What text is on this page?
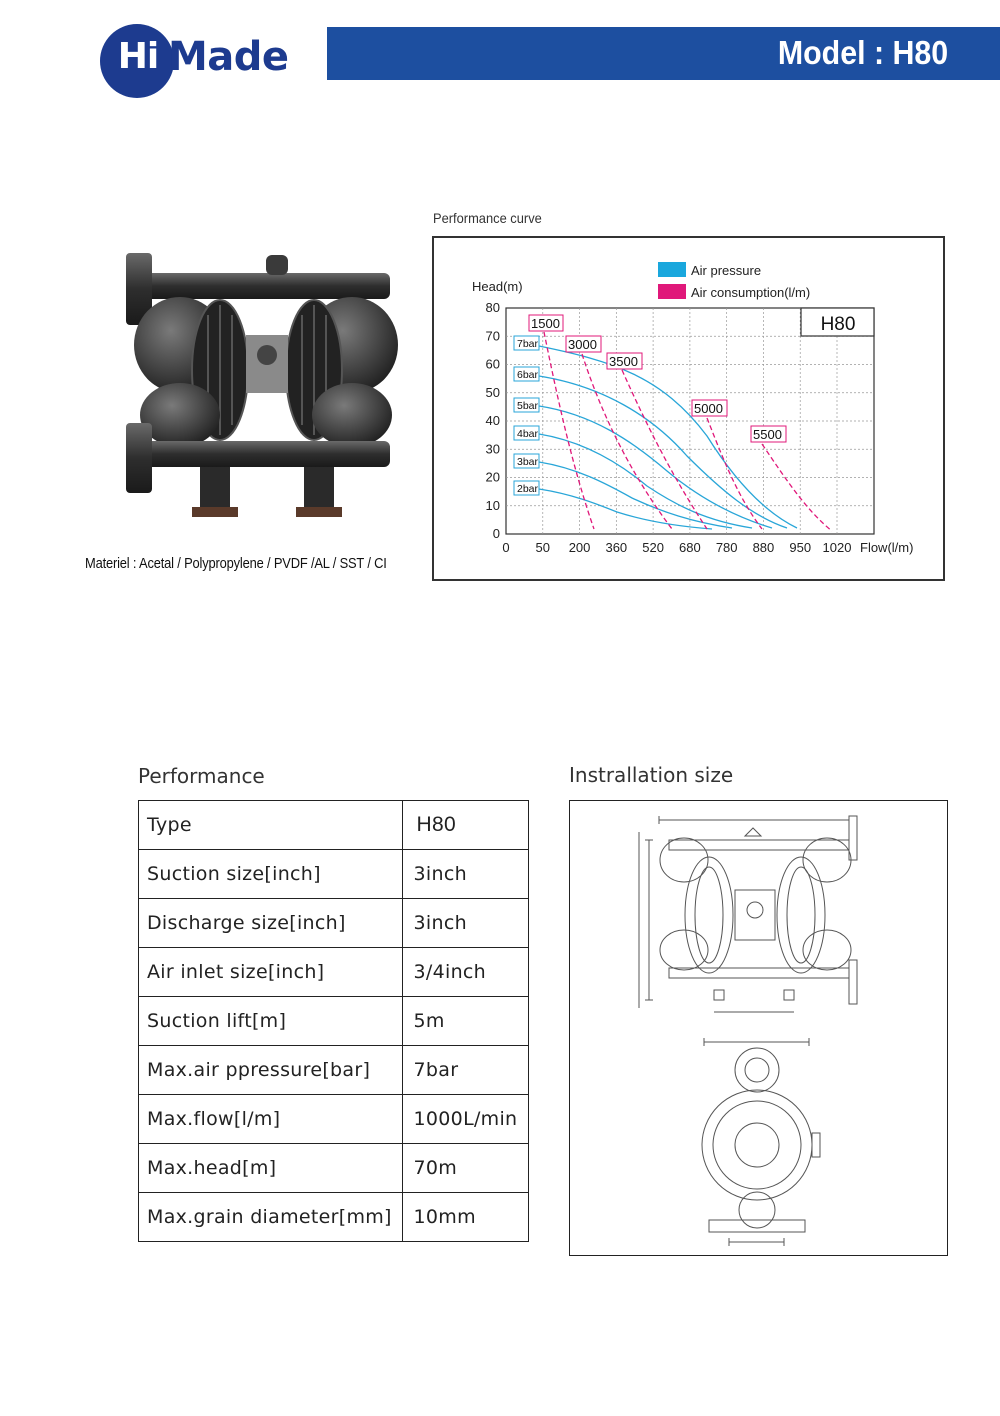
Hi Made	Model : H80
Materiel : Acetal / Polypropylene / PVDF /AL / SST / CI
Performance curve
Air pressure
Air consumption(l/m)
Head(m)
Flow(l/m)
80
70
60
50
40
30
20
10
0
0 50 200 360 520 680 780 880 950 1020
H80
7bar
6bar
5bar
4bar
3bar
2bar
1500
3000
3500
5000
5500
Performance
Type	H80
Suction size[inch]	3inch
Discharge size[inch]	3inch
Air inlet size[inch]	3/4inch
Suction lift[m]	5m
Max.air ppressure[bar]	7bar
Max.flow[l/m]	1000L/min
Max.head[m]	70m
Max.grain diameter[mm]	10mm
Instrallation size
